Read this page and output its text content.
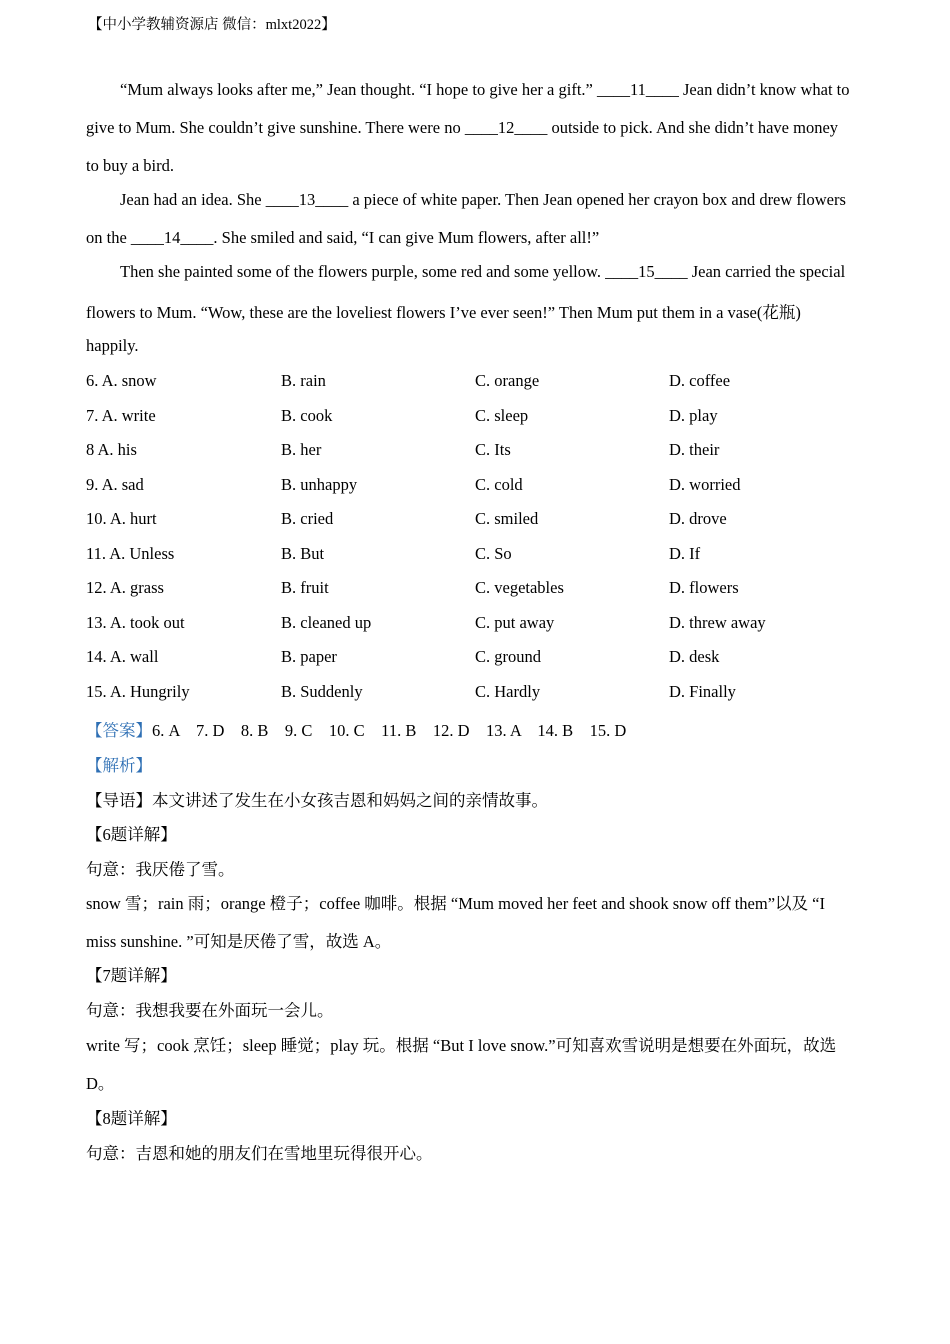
【中小学教辅资源店 微信：mlxt2022】
“Mum always looks after me,” Jean thought. “I hope to give her a gift.” ____11____ Jean didn’t know what to
give to Mum. She couldn’t give sunshine. There were no ____12____ outside to pick. And she didn’t have money
to buy a bird.
Jean had an idea. She ____13____ a piece of white paper. Then Jean opened her crayon box and drew flowers
on the ____14____. She smiled and said, “I can give Mum flowers, after all!”
Then she painted some of the flowers purple, some red and some yellow. ____15____ Jean carried the special
flowers to Mum. “Wow, these are the loveliest flowers I’ve ever seen!” Then Mum put them in a vase(花瓶)
happily.
6. A. snow	B. rain	C. orange	D. coffee
7. A. write	B. cook	C. sleep	D. play
8 A. his	B. her	C. Its	D. their
9. A. sad	B. unhappy	C. cold	D. worried
10. A. hurt	B. cried	C. smiled	D. drove
11. A. Unless	B. But	C. So	D. If
12. A. grass	B. fruit	C. vegetables	D. flowers
13. A. took out	B. cleaned up	C. put away	D. threw away
14. A. wall	B. paper	C. ground	D. desk
15. A. Hungrily	B. Suddenly	C. Hardly	D. Finally
【答案】6. A    7. D    8. B    9. C    10. C    11. B    12. D    13. A    14. B    15. D
【解析】
【导语】本文讲述了发生在小女孩吉恩和妈妈之间的亲情故事。
【6题详解】
句意：我厌倦了雪。
snow 雪；rain 雨；orange 橙子；coffee 咖啡。根据 “Mum moved her feet and shook snow off them”以及 “I
miss sunshine. ”可知是厌倦了雪，故选 A。
【7题详解】
句意：我想我要在外面玩一会儿。
write 写；cook 烹饪；sleep 睡觉；play 玩。根据 “But I love snow.”可知喜欢雪说明是想要在外面玩，故选
D。
【8题详解】
句意：吉恩和她的朋友们在雪地里玩得很开心。
